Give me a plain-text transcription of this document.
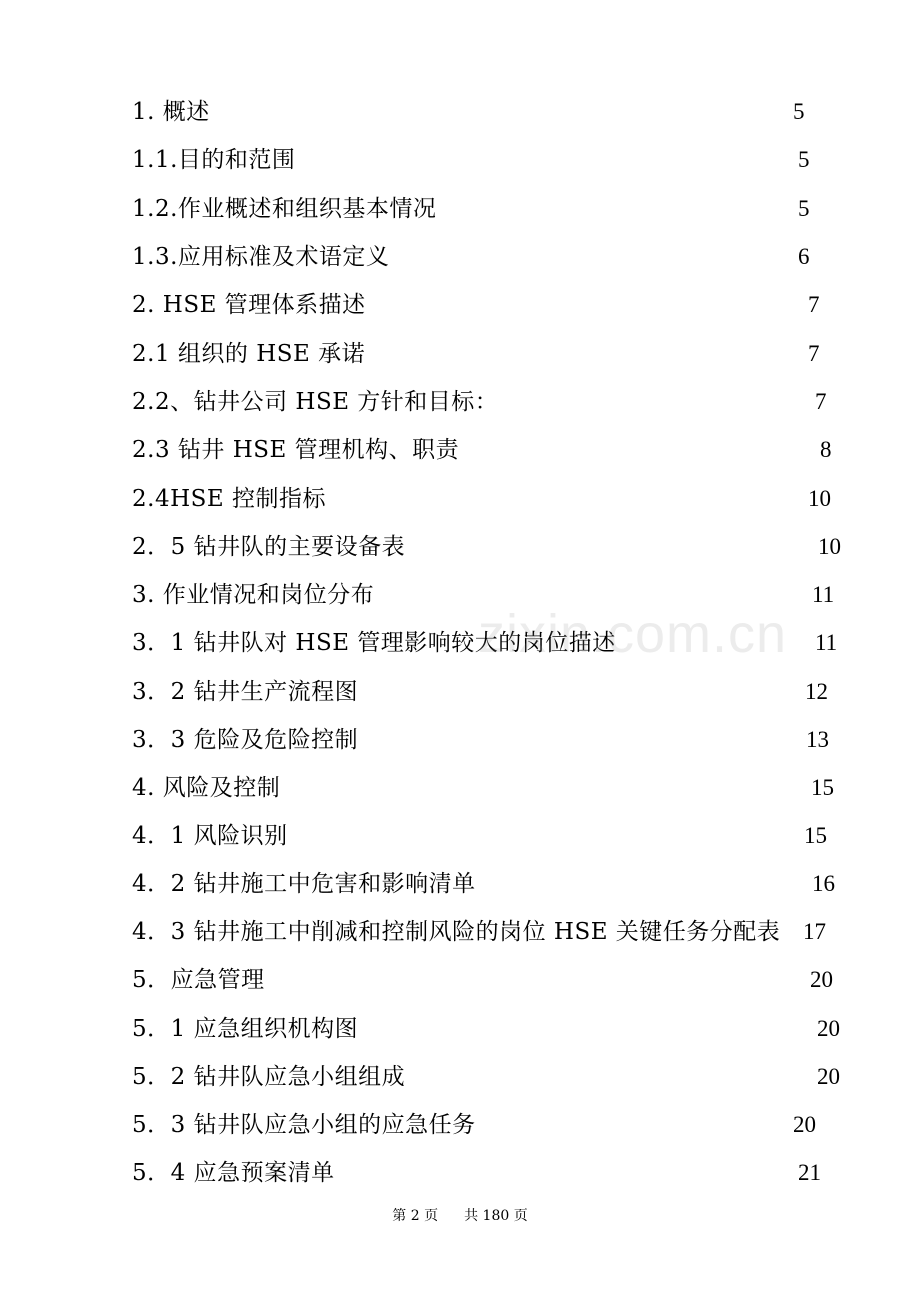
1. 概述	5
1.1.目的和范围	5
1.2.作业概述和组织基本情况	5
1.3.应用标准及术语定义	6
2. HSE 管理体系描述	7
2.1 组织的 HSE 承诺	7
2.2、钻井公司 HSE 方针和目标：	7
2.3 钻井 HSE 管理机构、职责	8
2.4HSE 控制指标	10
2．5 钻井队的主要设备表	10
3. 作业情况和岗位分布	11
3．1 钻井队对 HSE 管理影响较大的岗位描述	11
3．2 钻井生产流程图	12
3．3 危险及危险控制	13
4. 风险及控制	15
4．1 风险识别	15
4．2 钻井施工中危害和影响清单	16
4．3 钻井施工中削减和控制风险的岗位 HSE 关键任务分配表 17
5．应急管理	20
5．1 应急组织机构图	20
5．2 钻井队应急小组组成	20
5．3 钻井队应急小组的应急任务	20
5．4 应急预案清单	21
zixin.com.cn
第 2 页 共 180 页
